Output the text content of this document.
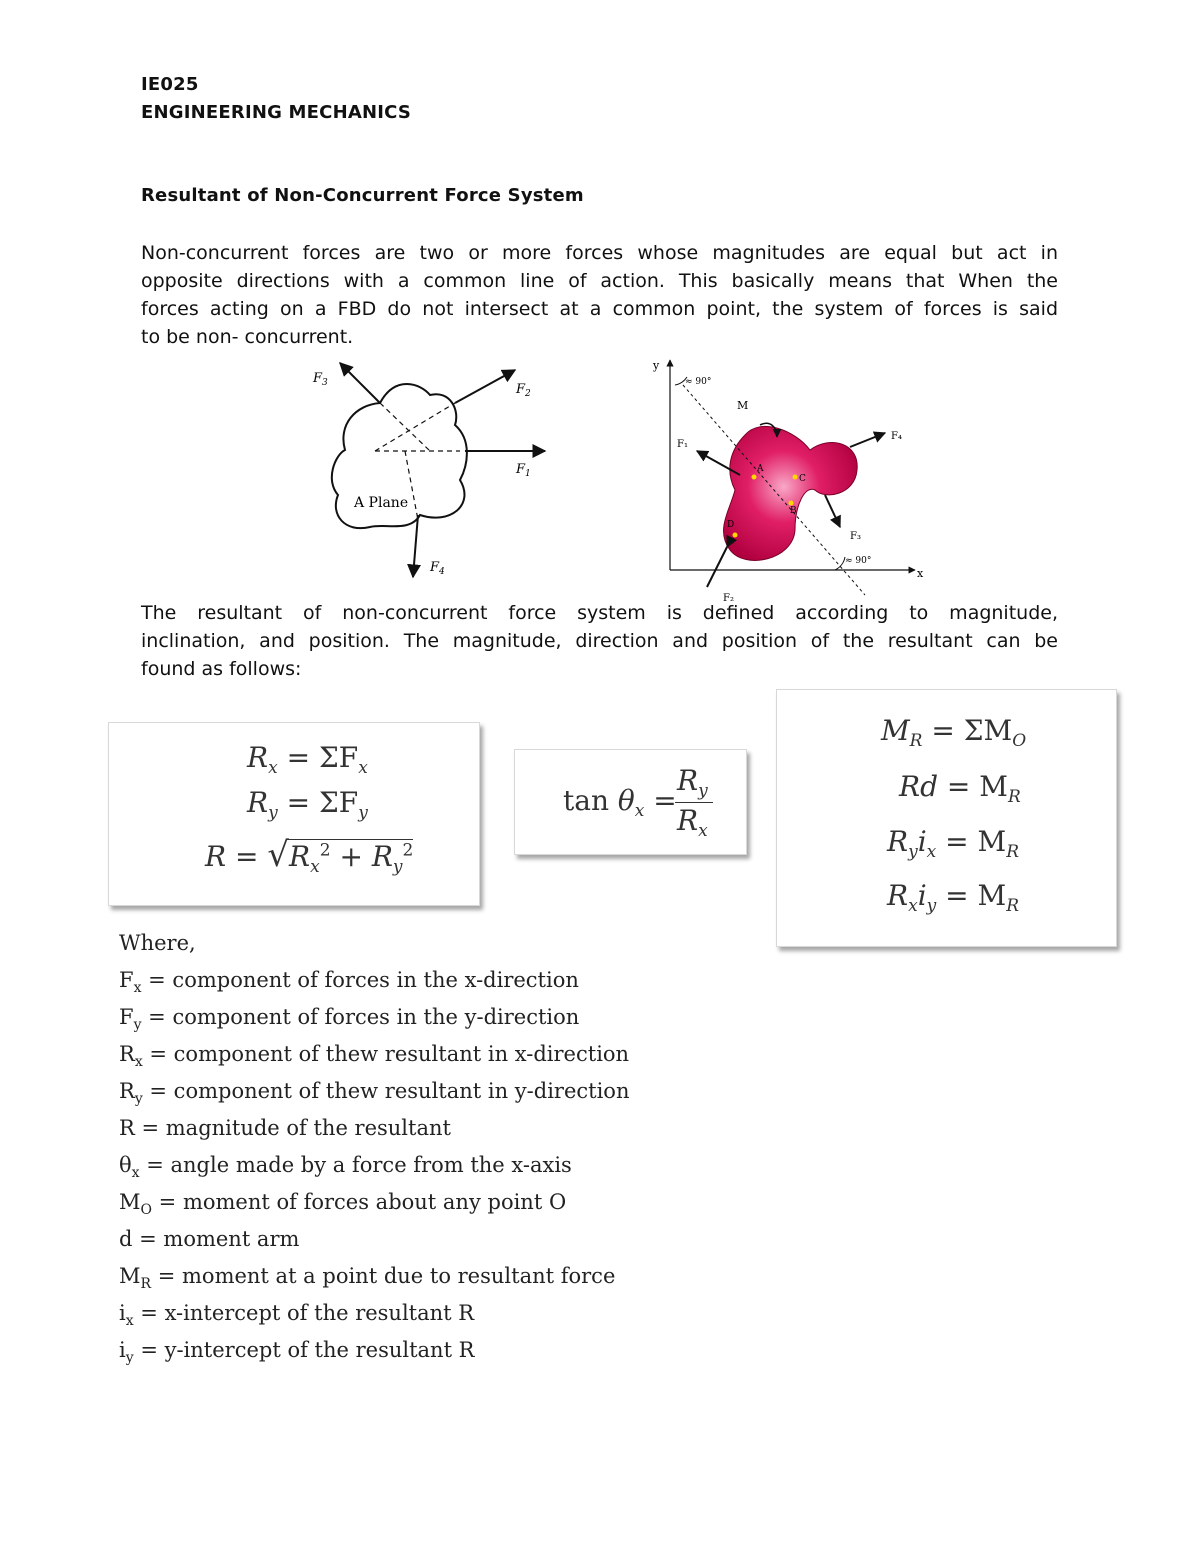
IE025
ENGINEERING MECHANICS
Resultant of Non-Concurrent Force System
Non-concurrent forces are two or more forces whose magnitudes are equal but act in
opposite directions with a common line of action. This basically means that When the
forces acting on a FBD do not intersect at a common point, the system of forces is said
to be non- concurrent.
$F_3$	$F_2$
$F_1$
$F_4$
A Plane
y
x
≈ 90°
≈ 90°
M
F₁
F₂
F₃
F₄
A
B
C
D
The resultant of non-concurrent force system is defined according to magnitude,
inclination, and position. The magnitude, direction and position of the resultant can be
found as follows:
$R_x = \Sigma F_x$
$R_y = \Sigma F_y$
$R = √R_x^2 + R_y^2$
$\tan \theta_x$ =
$R_y$
$R_x$
$M_R = \Sigma M_O$
$Rd = M_R$
$R_yi_x = M_R$
$R_xi_y = M_R$
Where,
$F_x$ = component of forces in the x-direction
$F_y$ = component of forces in the y-direction
$R_x$ = component of thew resultant in x-direction
$R_y$ = component of thew resultant in y-direction
R = magnitude of the resultant
$\theta_x$ = angle made by a force from the x-axis
$M_O$ = moment of forces about any point O
d = moment arm
$M_R$ = moment at a point due to resultant force
$i_x$ = x-intercept of the resultant R
$i_y$ = y-intercept of the resultant R
